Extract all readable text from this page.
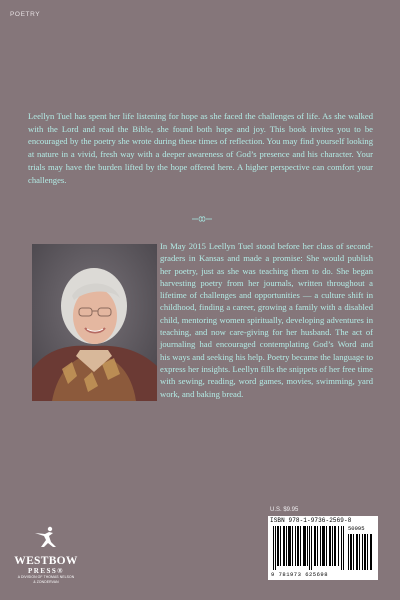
POETRY
Leellyn Tuel has spent her life listening for hope as she faced the challenges of life. As she walked with the Lord and read the Bible, she found both hope and joy. This book invites you to be encouraged by the poetry she wrote during these times of reflection. You may find yourself looking at nature in a vivid, fresh way with a deeper awareness of God’s presence and his character. Your trials may have the burden lifted by the hope offered here. A higher perspective can comfort your challenges.
In May 2015 Leellyn Tuel stood before her class of second-graders in Kansas and made a promise: She would publish her poetry, just as she was teaching them to do. She began harvesting poetry from her journals, written throughout a lifetime of challenges and opportunities — a culture shift in childhood, finding a career, growing a family with a disabled child, mentoring women spiritually, developing adventures in teaching, and now care-giving for her husband. The act of journaling had encouraged contemplating God’s Word and his ways and seeking his help. Poetry became the language to express her insights. Leellyn fills the snippets of her free time with sewing, reading, word games, movies, swimming, yard work, and baking bread.
U.S. $9.95
ISBN 978-1-9736-2569-8
50995
9 781973 625698
WESTBOW
PRESS®
A DIVISION OF THOMAS NELSON
& ZONDERVAN
